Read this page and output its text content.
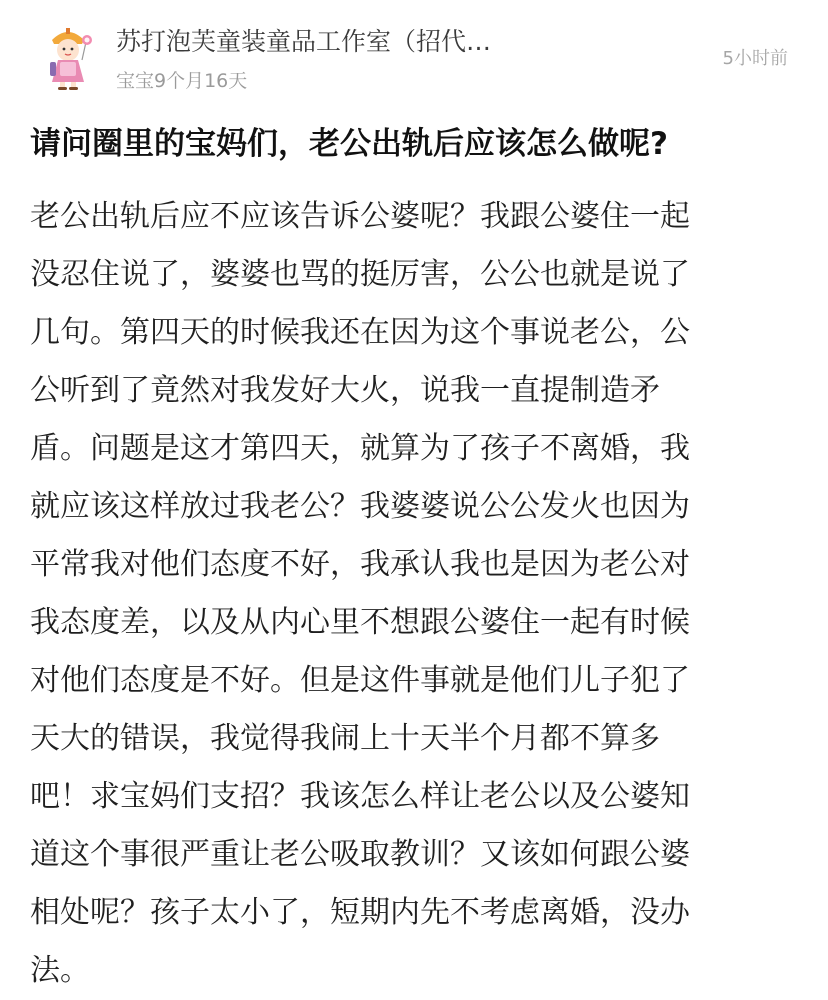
苏打泡芙童装童品工作室（招代…
宝宝9个月16天
5小时前
请问圈里的宝妈们，老公出轨后应该怎么做呢?
老公出轨后应不应该告诉公婆呢？我跟公婆住一起
没忍住说了，婆婆也骂的挺厉害，公公也就是说了
几句。第四天的时候我还在因为这个事说老公，公
公听到了竟然对我发好大火，说我一直提制造矛
盾。问题是这才第四天，就算为了孩子不离婚，我
就应该这样放过我老公？我婆婆说公公发火也因为
平常我对他们态度不好，我承认我也是因为老公对
我态度差，以及从内心里不想跟公婆住一起有时候
对他们态度是不好。但是这件事就是他们儿子犯了
天大的错误，我觉得我闹上十天半个月都不算多
吧！求宝妈们支招？我该怎么样让老公以及公婆知
道这个事很严重让老公吸取教训？又该如何跟公婆
相处呢？孩子太小了，短期内先不考虑离婚，没办
法。
